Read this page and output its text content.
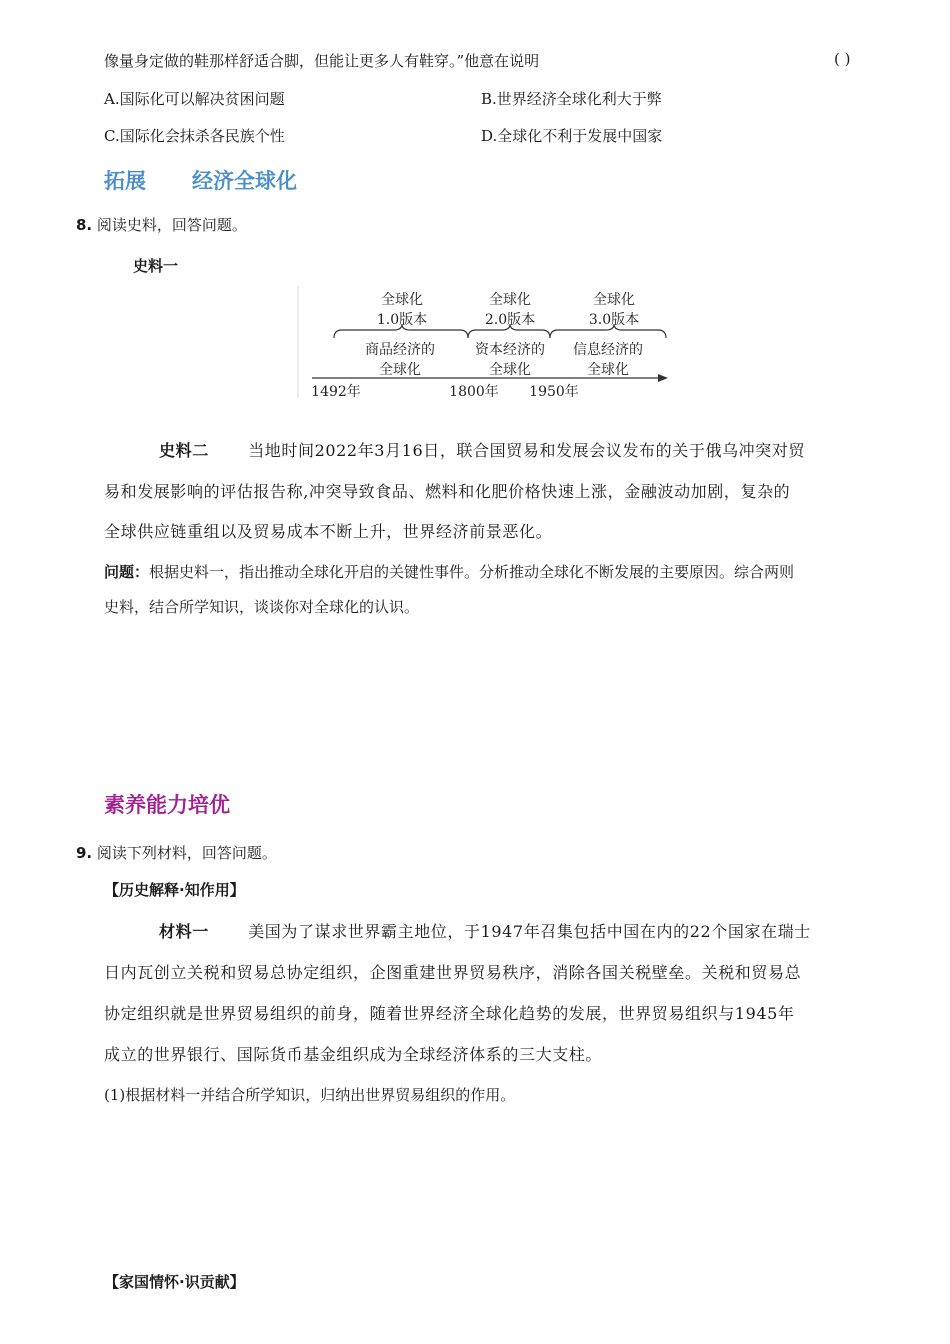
像量身定做的鞋那样舒适合脚，但能让更多人有鞋穿。”他意在说明	( )
A.国际化可以解决贫困问题	B.世界经济全球化利大于弊
C.国际化会抹杀各民族个性	D.全球化不利于发展中国家
拓展 经济全球化
8. 阅读史料，回答问题。
史料一
全球化
1.0版本
全球化
2.0版本
全球化
3.0版本
商品经济的
全球化
资本经济的
全球化
信息经济的
全球化
1492年	1800年 1950年
史料二 当地时间2022年3月16日，联合国贸易和发展会议发布的关于俄乌冲突对贸
易和发展影响的评估报告称,冲突导致食品、燃料和化肥价格快速上涨，金融波动加剧，复杂的
全球供应链重组以及贸易成本不断上升，世界经济前景恶化。
问题：根据史料一，指出推动全球化开启的关键性事件。分析推动全球化不断发展的主要原因。综合两则
史料，结合所学知识，谈谈你对全球化的认识。
素养能力培优
9. 阅读下列材料，回答问题。
【历史解释·知作用】
材料一 美国为了谋求世界霸主地位，于1947年召集包括中国在内的22个国家在瑞士
日内瓦创立关税和贸易总协定组织，企图重建世界贸易秩序，消除各国关税壁垒。关税和贸易总
协定组织就是世界贸易组织的前身，随着世界经济全球化趋势的发展，世界贸易组织与1945年
成立的世界银行、国际货币基金组织成为全球经济体系的三大支柱。
(1)根据材料一并结合所学知识，归纳出世界贸易组织的作用。
【家国情怀·识贡献】
